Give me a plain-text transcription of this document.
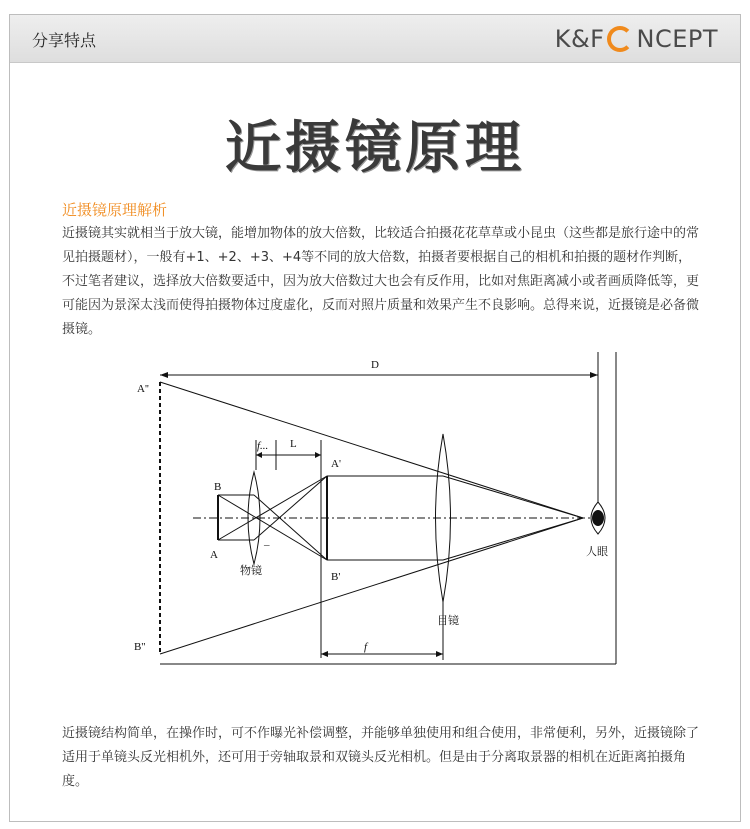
分享特点	K&F NCEPT
近摄镜原理
近摄镜原理解析
近摄镜其实就相当于放大镜，能增加物体的放大倍数，比较适合拍摄花花草草或小昆虫（这些都是旅行途中的常见拍摄题材），一般有+1、+2、+3、+4等不同的放大倍数，拍摄者要根据自己的相机和拍摄的题材作判断，不过笔者建议，选择放大倍数要适中，因为放大倍数过大也会有反作用，比如对焦距离减小或者画质降低等，更可能因为景深太浅而使得拍摄物体过度虚化，反而对照片质量和效果产生不良影响。总得来说，近摄镜是必备微摄镜。
D
A''
B''
A'
B'
B
A
物镜
–
f... L
目镜
f
人眼
近摄镜结构简单，在操作时，可不作曝光补偿调整，并能够单独使用和组合使用，非常便利，另外，近摄镜除了适用于单镜头反光相机外，还可用于旁轴取景和双镜头反光相机。但是由于分离取景器的相机在近距离拍摄角度。
